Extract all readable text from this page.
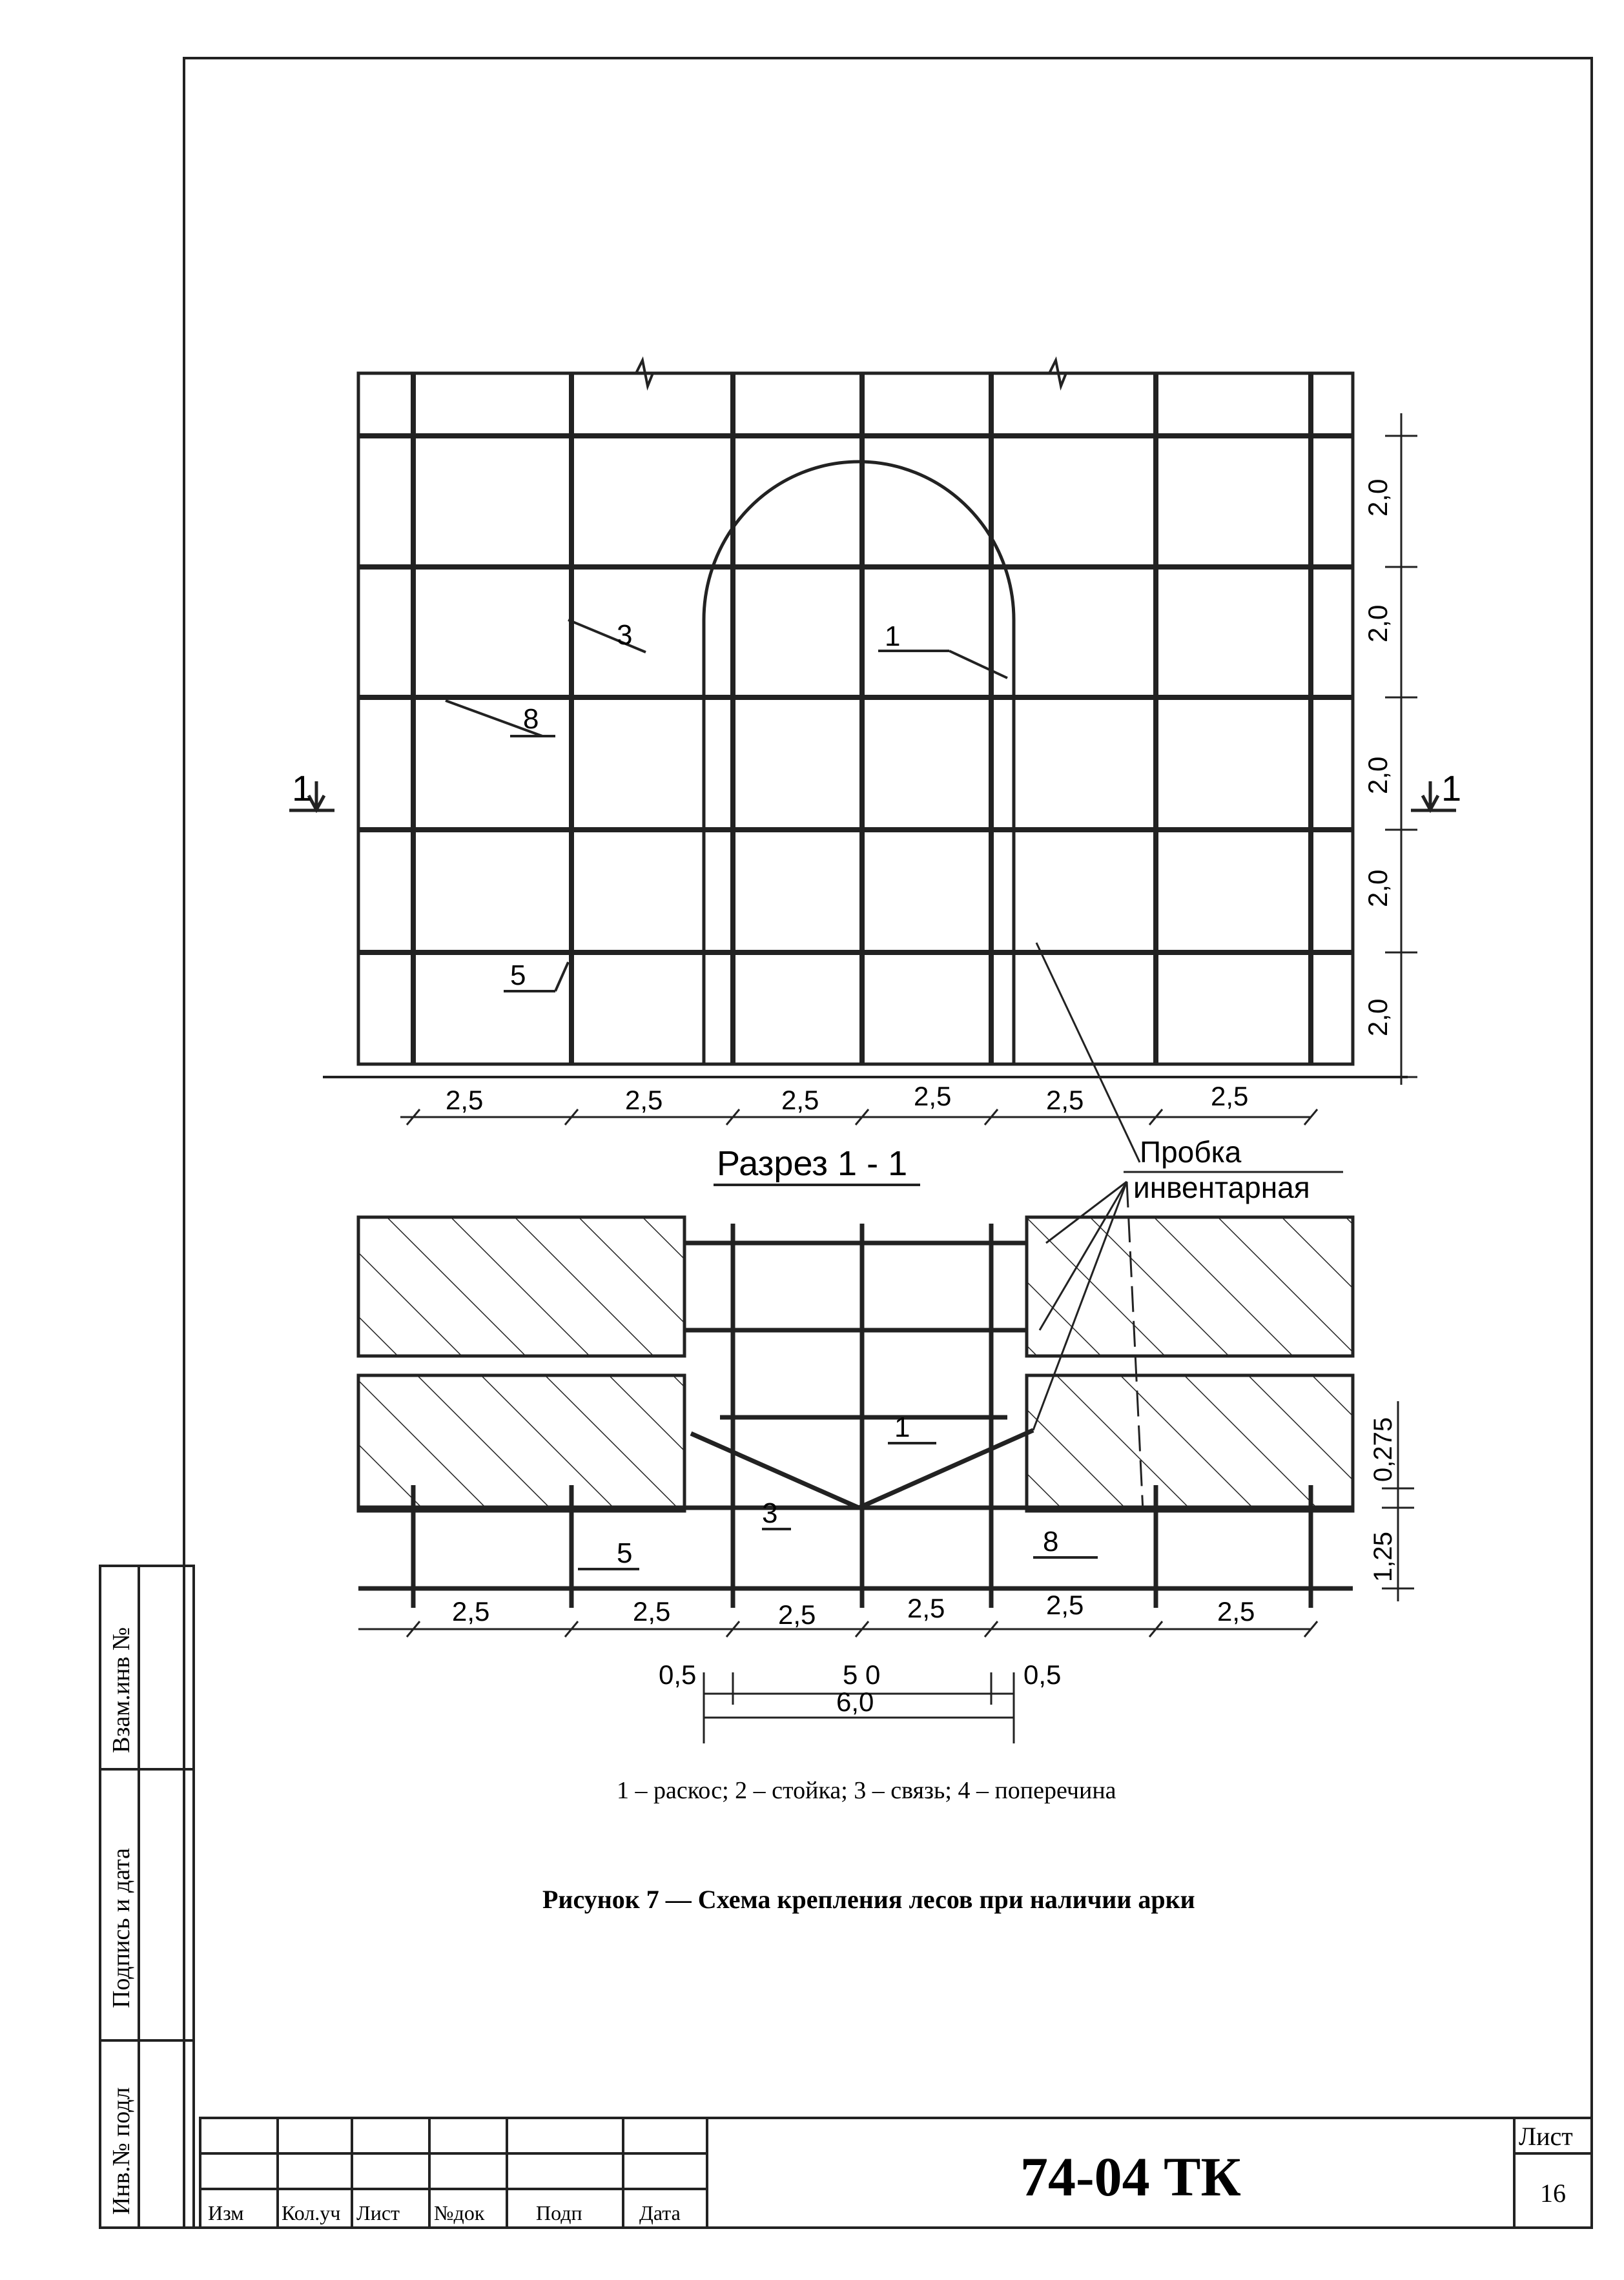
3	1
8
5
1	1
2,5	2,5	2,5	2,5	2,5	2,5
2,0
2,0
2,0
2,0
2,0
Разрез 1 - 1	Пробка
инвентарная
1
3
5	8
2,5	2,5	2,5	2,5	2,5	2,5
0,5	5 0	0,5
6,0
0,275
1,25
1 – раскос; 2 – стойка; 3 – связь; 4 – поперечина
Рисунок 7 — Схема крепления лесов при наличии арки
Взам.инв №
Подпись и дата
Инв.№ подл	Изм Кол.уч Лист №док Подп	Дата
74-04 ТК
Лист
16
